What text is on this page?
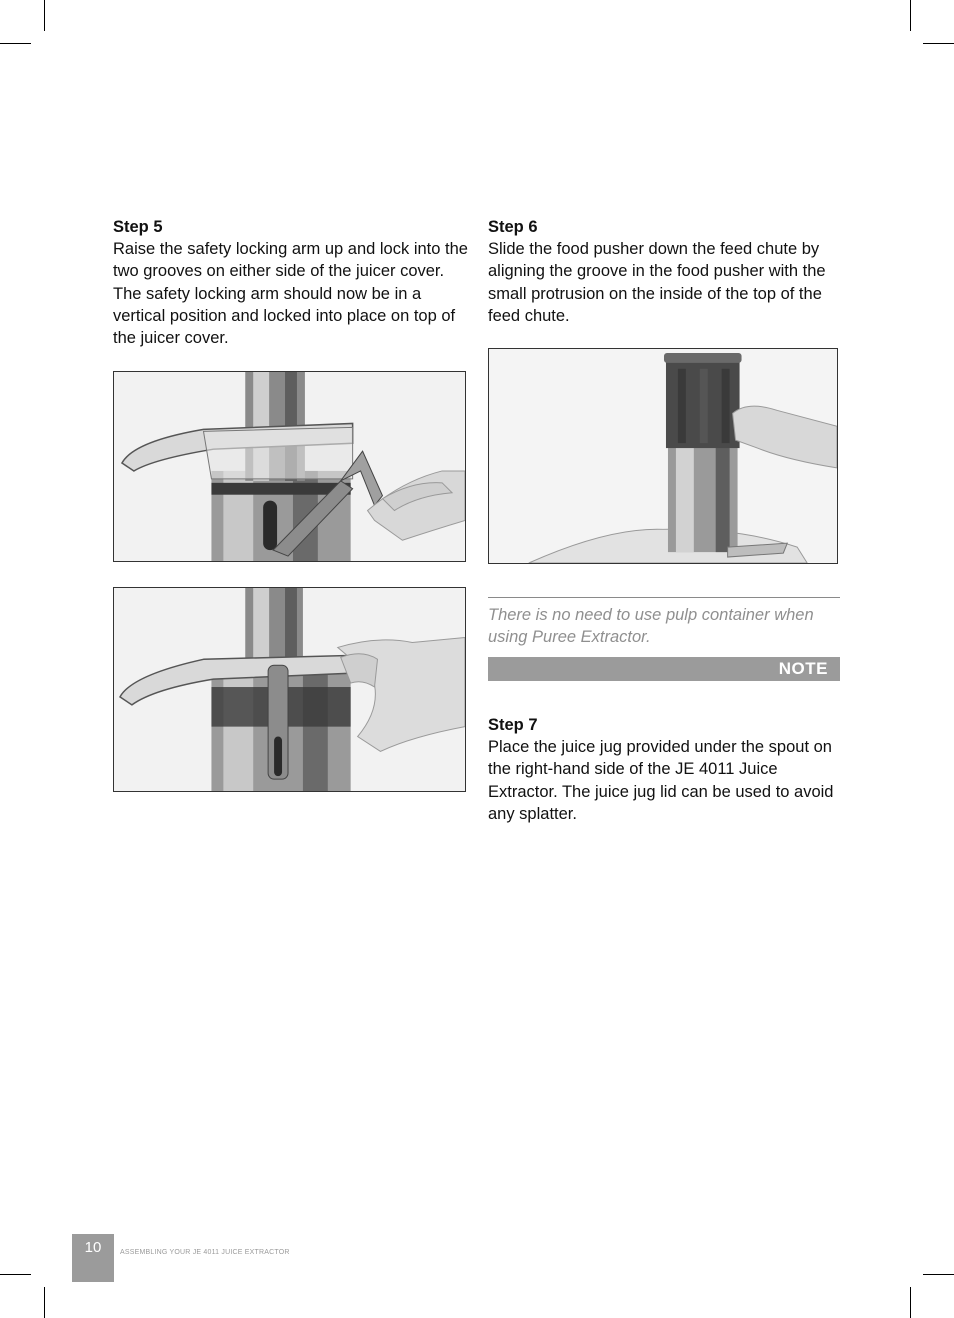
Step 5
Raise the safety locking arm up and lock into the two grooves on either side of the juicer cover. The safety locking arm should now be in a vertical position and locked into place on top of the juicer cover.
Step 6
Slide the food pusher down the feed chute by aligning the groove in the food pusher with the small protrusion on the inside of the top of the feed chute.
There is no need to use pulp container when using Puree Extractor.
NOTE
Step 7
Place the juice jug provided under the spout on the right-hand side of the JE 4011 Juice Extractor. The juice jug lid can be used to avoid any splatter.
10	ASSEMBLING YOUR JE 4011 JUICE EXTRACTOR
